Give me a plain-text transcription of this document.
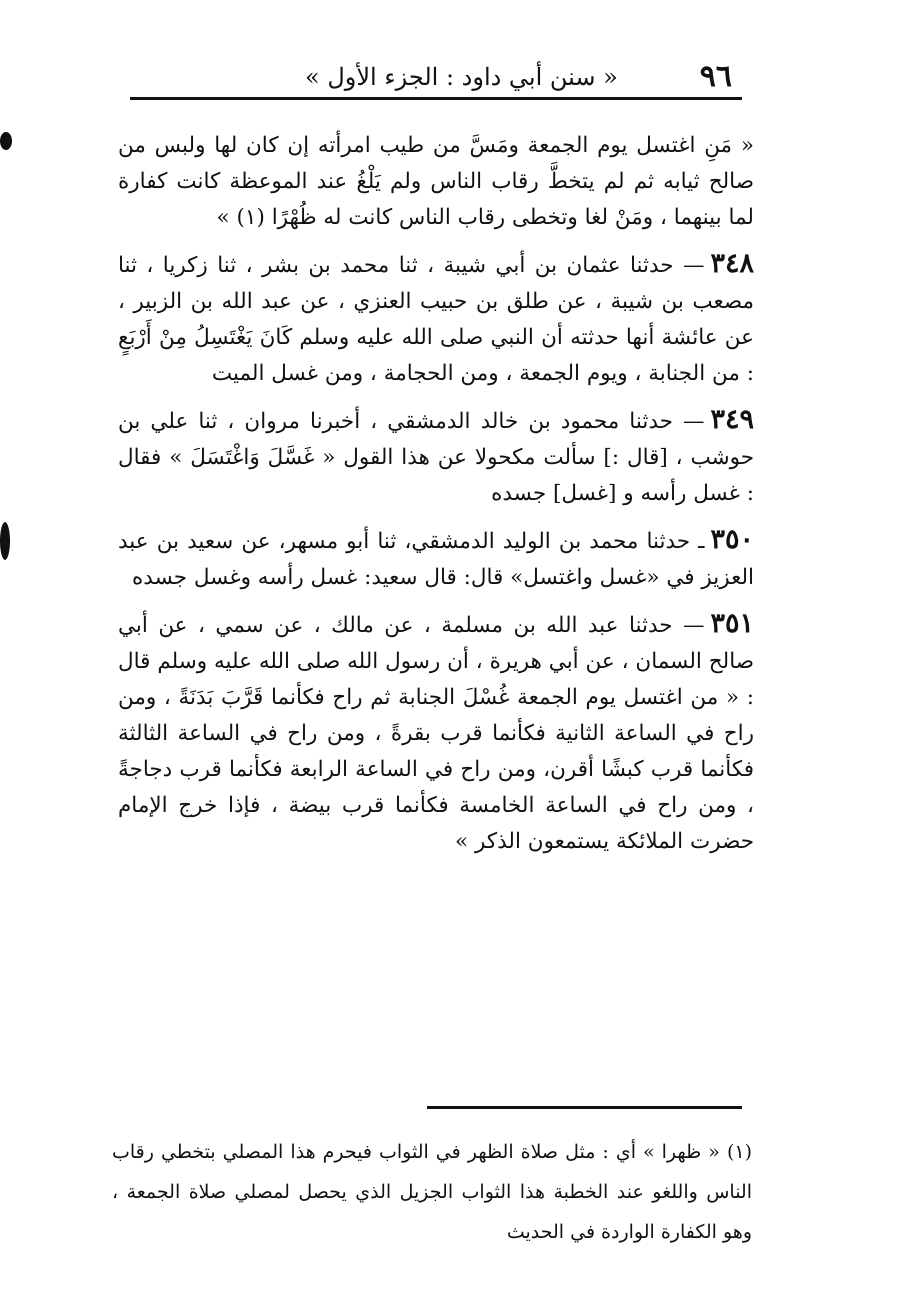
٩٦
« سنن أبي داود : الجزء الأول »

« مَنِ اغتسل يوم الجمعة ومَسَّ من طيب امرأته إن كان لها ولبس من صالح ثيابه ثم لم يتخطَّ رقاب الناس ولم يَلْغُ عند الموعظة كانت كفارة لما بينهما ، ومَنْ لغا وتخطى رقاب الناس كانت له ظُهْرًا (١) »

٣٤٨— حدثنا عثمان بن أبي شيبة ، ثنا محمد بن بشر ، ثنا زكريا ، ثنا مصعب بن شيبة ، عن طلق بن حبيب العنزي ، عن عبد الله بن الزبير ، عن عائشة أنها حدثته أن النبي صلى الله عليه وسلم كَانَ يَغْتَسِلُ مِنْ أَرْبَعٍ : من الجنابة ، ويوم الجمعة ، ومن الحجامة ، ومن غسل الميت

٣٤٩— حدثنا محمود بن خالد الدمشقي ، أخبرنا مروان ، ثنا علي بن حوشب ، [قال :] سألت مكحولا عن هذا القول « غَسَّلَ وَاغْتَسَلَ » فقال : غسل رأسه و [غسل] جسده

٣٥٠ـ حدثنا محمد بن الوليد الدمشقي، ثنا أبو مسهر، عن سعيد بن عبد العزيز في «غسل واغتسل» قال: قال سعيد: غسل رأسه وغسل جسده

٣٥١— حدثنا عبد الله بن مسلمة ، عن مالك ، عن سمي ، عن أبي صالح السمان ، عن أبي هريرة ، أن رسول الله صلى الله عليه وسلم قال : « من اغتسل يوم الجمعة غُسْلَ الجنابة ثم راح فكأنما قَرَّبَ بَدَنَةً ، ومن راح في الساعة الثانية فكأنما قرب بقرةً ، ومن راح في الساعة الثالثة فكأنما قرب كبشًا أقرن، ومن راح في الساعة الرابعة فكأنما قرب دجاجةً ، ومن راح في الساعة الخامسة فكأنما قرب بيضة ، فإذا خرج الإمام حضرت الملائكة يستمعون الذكر »

(١) « ظهرا » أي : مثل صلاة الظهر في الثواب فيحرم هذا المصلي بتخطي رقاب الناس واللغو عند الخطبة هذا الثواب الجزيل الذي يحصل لمصلي صلاة الجمعة ، وهو الكفارة الواردة في الحديث
